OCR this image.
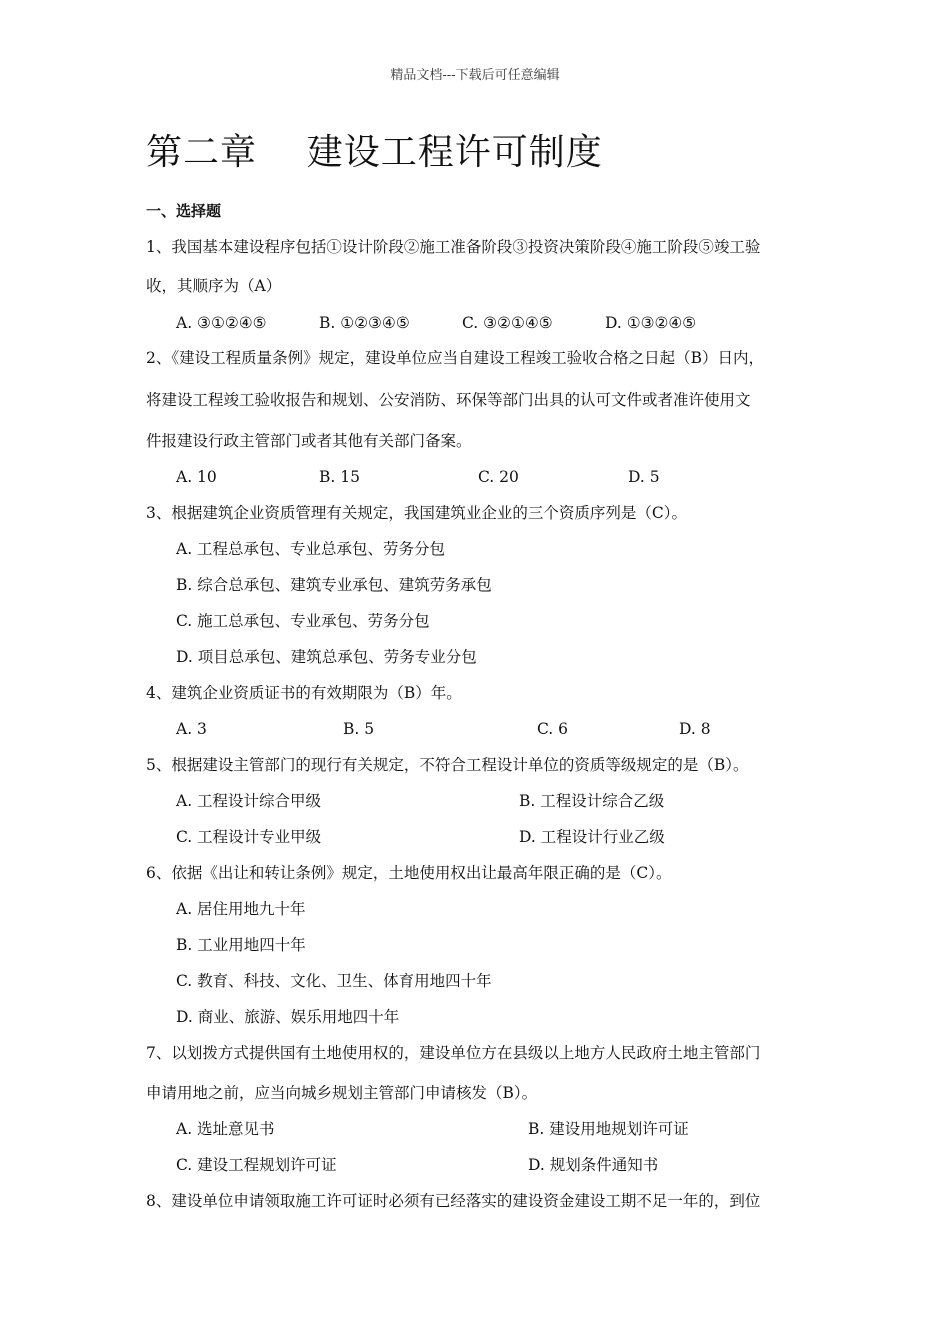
精品文档---下载后可任意编辑
第二章    建设工程许可制度
一、选择题
1、我国基本建设程序包括①设计阶段②施工准备阶段③投资决策阶段④施工阶段⑤竣工验
收，其顺序为（A）
A. ③①②④⑤	B. ①②③④⑤	C. ③②①④⑤	D. ①③②④⑤
2、《建设工程质量条例》规定，建设单位应当自建设工程竣工验收合格之日起（B）日内，
将建设工程竣工验收报告和规划、公安消防、环保等部门出具的认可文件或者准许使用文
件报建设行政主管部门或者其他有关部门备案。
A. 10	B. 15	C. 20	D. 5
3、根据建筑企业资质管理有关规定，我国建筑业企业的三个资质序列是（C）。
A. 工程总承包、专业总承包、劳务分包
B. 综合总承包、建筑专业承包、建筑劳务承包
C. 施工总承包、专业承包、劳务分包
D. 项目总承包、建筑总承包、劳务专业分包
4、建筑企业资质证书的有效期限为（B）年。
A. 3	B. 5	C. 6	D. 8
5、根据建设主管部门的现行有关规定，不符合工程设计单位的资质等级规定的是（B）。
A. 工程设计综合甲级	B. 工程设计综合乙级
C. 工程设计专业甲级	D. 工程设计行业乙级
6、依据《出让和转让条例》规定，土地使用权出让最高年限正确的是（C）。
A. 居住用地九十年
B. 工业用地四十年
C. 教育、科技、文化、卫生、体育用地四十年
D. 商业、旅游、娱乐用地四十年
7、以划拨方式提供国有土地使用权的，建设单位方在县级以上地方人民政府土地主管部门
申请用地之前，应当向城乡规划主管部门申请核发（B）。
A. 选址意见书	B. 建设用地规划许可证
C. 建设工程规划许可证	D. 规划条件通知书
8、建设单位申请领取施工许可证时必须有已经落实的建设资金建设工期不足一年的，到位
